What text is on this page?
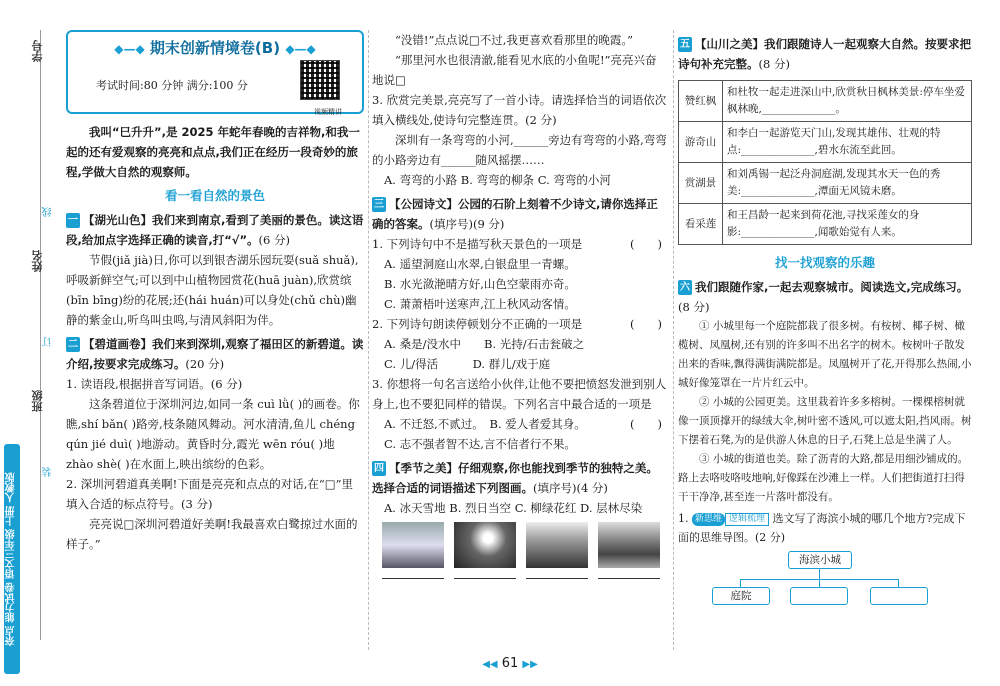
学号
姓名
班级
线
订
装
奈点 能力试卷 语文三年级 上册 人教版
◆—◆ 期末创新情境卷(B) ◆—◆
考试时间:80 分钟 满分:100 分
视频精讲
我叫“巳升升”,是 2025 年蛇年春晚的吉祥物,和我一起的还有爱观察的亮亮和点点,我们正在经历一段奇妙的旅程,学做大自然的观察师。
看一看自然的景色
一 【湖光山色】我们来到南京,看到了美丽的景色。读这语段,给加点字选择正确的读音,打“√”。(6 分)
节假(jiǎ jià)日,你可以到银杏湖乐园玩耍(suǎ shuǎ),呼吸新鲜空气;可以到中山植物园赏花(huā juàn),欣赏缤(bīn bīng)纷的花展;还(hái huán)可以身处(chǔ chù)幽静的紫金山,听鸟叫虫鸣,与清风斜阳为伴。
二 【碧道画卷】我们来到深圳,观察了福田区的新碧道。读介绍,按要求完成练习。(20 分)
1. 读语段,根据拼音写词语。(6 分)
这条碧道位于深圳河边,如同一条 cuì lǜ( )的画卷。你瞧,shí bǎn( )路旁,枝条随风舞动。河水清清,鱼儿 chéng qún jié duì( )地游动。黄昏时分,霞光 wēn róu( )地 zhào shè( )在水面上,映出缤纷的色彩。
2. 深圳河碧道真美啊!下面是亮亮和点点的对话,在“□”里填入合适的标点符号。(3 分)
亮亮说□深圳河碧道好美啊!我最喜欢白鹭掠过水面的样子。”
“没错!”点点说□不过,我更喜欢看那里的晚霞。”
“那里河水也很清澈,能看见水底的小鱼呢!”亮亮兴奋地说□
3. 欣赏完美景,亮亮写了一首小诗。请选择恰当的词语依次填入横线处,使诗句完整连贯。(2 分)
深圳有一条弯弯的小河,______旁边有弯弯的小路,弯弯的小路旁边有______随风摇摆……
A. 弯弯的小路 B. 弯弯的柳条 C. 弯弯的小河
三 【公园诗文】公园的石阶上刻着不少诗文,请你选择正确的答案。(填序号)(9 分)
1. 下列诗句中不是描写秋天景色的一项是	(　　)
A. 遥望洞庭山水翠,白银盘里一青螺。
B. 水光潋滟晴方好,山色空蒙雨亦奇。
C. 萧萧梧叶送寒声,江上秋风动客情。
2. 下列诗句朗读停顿划分不正确的一项是	(　　)
A. 桑是/没水中　　 B. 光持/石击瓮破之
C. 儿/得活　　　	D. 群儿/戏于庭
3. 你想将一句名言送给小伙伴,让他不要把愤怒发泄到别人身上,也不要犯同样的错误。下列名言中最合适的一项是
(　　)
A. 不迁怒,不贰过。　 B. 爱人者爱其身。
C. 志不强者智不达,言不信者行不果。
四 【季节之美】仔细观察,你也能找到季节的独特之美。选择合适的词语描述下列图画。(填序号)(4 分)
A. 冰天雪地 B. 烈日当空 C. 柳绿花红 D. 层林尽染
五 【山川之美】我们跟随诗人一起观察大自然。按要求把诗句补充完整。(8 分)
赞红枫	和杜牧一起走进深山中,欣赏秋日枫林美景:停车坐爱枫林晚,______________。
游奇山	和李白一起游览天门山,发现其雄伟、壮观的特点:______________,碧水东流至此回。
赏湖景	和刘禹锡一起泛舟洞庭湖,发现其水天一色的秀美:______________,潭面无风镜未磨。
看采莲	和王昌龄一起来到荷花池,寻找采莲女的身影:______________,闻歌始觉有人来。
找一找观察的乐趣
六 我们跟随作家,一起去观察城市。阅读选文,完成练习。(8 分)
① 小城里每一个庭院都栽了很多树。有桉树、椰子树、橄榄树、凤凰树,还有别的许多叫不出名字的树木。桉树叶子散发出来的香味,飘得满街满院都是。凤凰树开了花,开得那么热闹,小城好像笼罩在一片片红云中。
② 小城的公园更美。这里栽着许多多榕树。一棵棵榕树就像一顶顶撑开的绿绒大伞,树叶密不透风,可以遮太阳,挡风雨。树下摆着石凳,为的是供游人休息的日子,石凳上总是坐满了人。
③ 小城的街道也美。除了沥青的大路,都是用细沙铺成的。路上去咯吱咯吱地响,好像踩在沙滩上一样。人们把街道打扫得干干净净,甚至连一片落叶都没有。
1. 新思维 逻辑梳理 选文写了海滨小城的哪几个地方?完成下面的思维导图。(2 分)
海滨小城
庭院
◀◀ 61 ▶▶
